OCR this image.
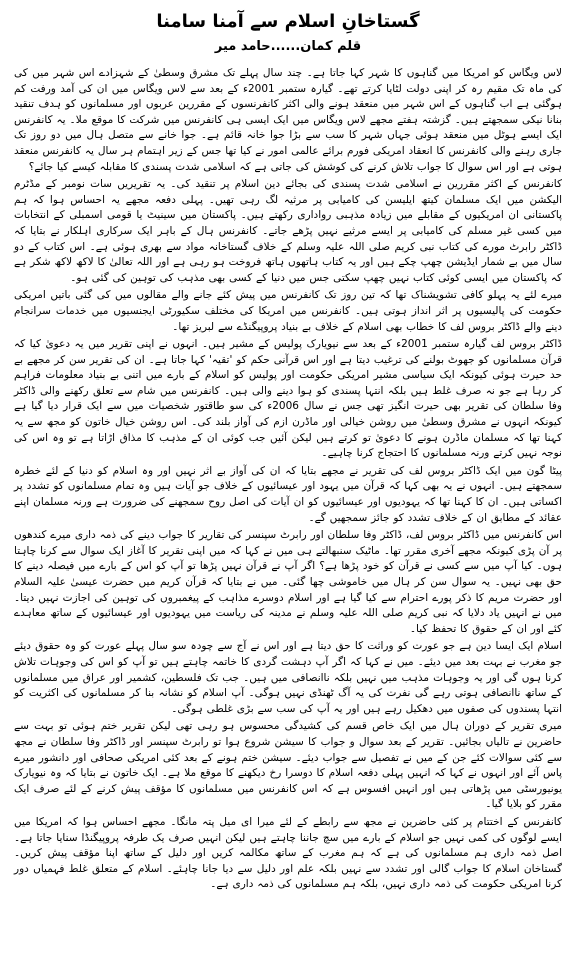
گستاخانِ اسلام سے آمنا سامنا
قلم کمان......حامد میر

لاس ویگاس کو امریکا میں گناہوں کا شہر کہا جاتا ہے۔ چند سال پہلے تک مشرق وسطیٰ کے شہزادے اس شہر میں کی کی ماہ تک مقیم رہ کر اپنی دولت لٹایا کرتے تھے۔ گیارہ ستمبر 2001ء کے بعد سے لاس ویگاس میں ان کی آمد ورفت کم ہوگئی ہے اب گناہوں کے اس شہر میں منعقد ہونے والی اکثر کانفرنسوں کے مقررین عربوں اور مسلمانوں کو ہدف تنقید بنانا نیکی سمجھتے ہیں۔ گزشتہ ہفتے مجھے لاس ویگاس میں ایک ایسی ہی کانفرنس میں شرکت کا موقع ملا۔ یہ کانفرنس ایک ایسے ہوٹل میں منعقد ہوئی جہاں شہر کا سب سے بڑا جوا خانہ قائم ہے۔ جوا خانے سے متصل ہال میں دو روز تک جاری رہنے والی کانفرنس کا انعقاد امریکی فورم برائے عالمی امور نے کیا تھا جس کے زیر اہتمام ہر سال یہ کانفرنس منعقد ہوتی ہے اور اس سوال کا جواب تلاش کرنے کی کوشش کی جاتی ہے کہ اسلامی شدت پسندی کا مقابلہ کیسے کیا جائے؟

کانفرنس کے اکثر مقررین نے اسلامی شدت پسندی کی بجائے دین اسلام پر تنقید کی۔ یہ تقریریں سات نومبر کے مڈٹرم الیکشن میں ایک مسلمان کیتھ ایلیسن کی کامیابی پر مرثیہ لگ رہی تھیں۔ پہلی دفعہ مجھے یہ احساس ہوا کہ ہم پاکستانی ان امریکیوں کے مقابلے میں زیادہ مذہبی رواداری رکھتے ہیں۔ پاکستان میں سینیٹ یا قومی اسمبلی کے انتخابات میں کسی غیر مسلم کی کامیابی پر ایسے مرثیے نہیں پڑھے جاتے۔ کانفرنس ہال کے باہر ایک سرکاری اہلکار نے بتایا کہ ڈاکٹر رابرٹ مورے کی کتاب نبی کریم صلی اللہ علیہ وسلم کے خلاف گستاخانہ مواد سے بھری ہوئی ہے۔ اس کتاب کے دو سال میں بے شمار ایڈیشن چھپ چکے ہیں اور یہ کتاب ہاتھوں ہاتھ فروخت ہو رہی ہے اور اللہ تعالیٰ کا لاکھ لاکھ شکر ہے کہ پاکستان میں ایسی کوئی کتاب نہیں چھپ سکتی جس میں دنیا کے کسی بھی مذہب کی توہین کی گئی ہو۔

میرے لئے یہ پہلو کافی تشویشناک تھا کہ تین روز تک کانفرنس میں پیش کئے جانے والے مقالوں میں کی گئی باتیں امریکی حکومت کی پالیسیوں پر اثر انداز ہوتی ہیں۔ کانفرنس میں امریکا کی مختلف سکیورٹی ایجنسیوں میں خدمات سرانجام دینے والے ڈاکٹر بروس لف کا خطاب بھی اسلام کے خلاف بے بنیاد پروپیگنڈے سے لبریز تھا۔

ڈاکٹر بروس لف گیارہ ستمبر 2001ء کے بعد سے نیویارک پولیس کے مشیر ہیں۔ انہوں نے اپنی تقریر میں یہ دعویٰ کیا کہ قرآن مسلمانوں کو جھوٹ بولنے کی ترغیب دیتا ہے اور اس قرآنی حکم کو 'تقیہ' کہا جاتا ہے۔ ان کی تقریر سن کر مجھے بے حد حیرت ہوئی کیونکہ ایک سیاسی مشیر امریکی حکومت اور پولیس کو اسلام کے بارے میں اتنی بے بنیاد معلومات فراہم کر رہا ہے جو نہ صرف غلط ہیں بلکہ انتہا پسندی کو ہوا دینے والی ہیں۔ کانفرنس میں شام سے تعلق رکھنے والی ڈاکٹر وفا سلطان کی تقریر بھی حیرت انگیز تھی جس نے سال 2006ء کی سو طاقتور شخصیات میں سے ایک قرار دیا گیا ہے کیونکہ انہوں نے مشرق وسطیٰ میں روشن خیالی اور ماڈرن ازم کی آواز بلند کی۔ اس روشن خیال خاتون کو مجھ سے یہ کہنا تھا کہ مسلمان ماڈرن ہونے کا دعویٰ تو کرتے ہیں لیکن آئیں جب کوئی ان کے مذہب کا مذاق اڑاتا ہے تو وہ اس کی نوجہ نہیں کرتے ورنہ مسلمانوں کا احتجاج کرنا چاہیے۔

پیٹا گون میں ایک ڈاکٹر بروس لف کی تقریر نے مجھے بتایا کہ ان کی آواز بے اثر نہیں اور وہ اسلام کو دنیا کے لئے خطرہ سمجھتے ہیں۔ انہوں نے یہ بھی کہا کہ قرآن میں یہود اور عیسائیوں کے خلاف جو آیات ہیں وہ تمام مسلمانوں کو تشدد پر اکساتی ہیں۔ ان کا کہنا تھا کہ یہودیوں اور عیسائیوں کو ان آیات کی اصل روح سمجھنے کی ضرورت ہے ورنہ مسلمان اپنے عقائد کے مطابق ان کے خلاف تشدد کو جائز سمجھیں گے۔

اس کانفرنس میں ڈاکٹر بروس لف، ڈاکٹر وفا سلطان اور رابرٹ سپنسر کی تقاریر کا جواب دینے کی ذمہ داری میرے کندھوں پر آن پڑی کیونکہ مجھے آخری مقرر تھا۔ ماٹیک سنبھالتے ہی میں نے کہا کہ میں اپنی تقریر کا آغاز ایک سوال سے کرنا چاہتا ہوں۔ کیا آپ میں سے کسی نے قرآن کو خود پڑھا ہے؟ اگر آپ نے قرآن نہیں پڑھا تو آپ کو اس کے بارے میں فیصلہ دینے کا حق بھی نہیں۔ یہ سوال سن کر ہال میں خاموشی چھا گئی۔ میں نے بتایا کہ قرآن کریم میں حضرت عیسیٰ علیہ السلام اور حضرت مریم کا ذکر پورے احترام سے کیا گیا ہے اور اسلام دوسرے مذاہب کے پیغمبروں کی توہین کی اجازت نہیں دیتا۔ میں نے انہیں یاد دلایا کہ نبی کریم صلی اللہ علیہ وسلم نے مدینہ کی ریاست میں یہودیوں اور عیسائیوں کے ساتھ معاہدے کئے اور ان کے حقوق کا تحفظ کیا۔

اسلام ایک ایسا دین ہے جو عورت کو وراثت کا حق دیتا ہے اور اس نے آج سے چودہ سو سال پہلے عورت کو وہ حقوق دیئے جو مغرب نے بہت بعد میں دیئے۔ میں نے کہا کہ اگر آپ دہشت گردی کا خاتمہ چاہتے ہیں تو آپ کو اس کی وجوہات تلاش کرنا ہوں گی اور یہ وجوہات مذہب میں نہیں بلکہ ناانصافی میں ہیں۔ جب تک فلسطین، کشمیر اور عراق میں مسلمانوں کے ساتھ ناانصافی ہوتی رہے گی نفرت کی یہ آگ ٹھنڈی نہیں ہوگی۔ آپ اسلام کو نشانہ بنا کر مسلمانوں کی اکثریت کو انتہا پسندوں کی صفوں میں دھکیل رہے ہیں اور یہ آپ کی سب سے بڑی غلطی ہوگی۔

میری تقریر کے دوران ہال میں ایک خاص قسم کی کشیدگی محسوس ہو رہی تھی لیکن تقریر ختم ہوئی تو بہت سے حاضرین نے تالیاں بجائیں۔ تقریر کے بعد سوال و جواب کا سیشن شروع ہوا تو رابرٹ سپنسر اور ڈاکٹر وفا سلطان نے مجھ سے کئی سوالات کئے جن کے میں نے تفصیل سے جواب دیئے۔ سیشن ختم ہونے کے بعد کئی امریکی صحافی اور دانشور میرے پاس آئے اور انہوں نے کہا کہ انہیں پہلی دفعہ اسلام کا دوسرا رخ دیکھنے کا موقع ملا ہے۔ ایک خاتون نے بتایا کہ وہ نیویارک یونیورسٹی میں پڑھاتی ہیں اور انہیں افسوس ہے کہ اس کانفرنس میں مسلمانوں کا مؤقف پیش کرنے کے لئے صرف ایک مقرر کو بلایا گیا۔

کانفرنس کے اختتام پر کئی حاضرین نے مجھ سے رابطے کے لئے میرا ای میل پتہ مانگا۔ مجھے احساس ہوا کہ امریکا میں ایسے لوگوں کی کمی نہیں جو اسلام کے بارے میں سچ جاننا چاہتے ہیں لیکن انہیں صرف یک طرفہ پروپیگنڈا سنایا جاتا ہے۔ اصل ذمہ داری ہم مسلمانوں کی ہے کہ ہم مغرب کے ساتھ مکالمہ کریں اور دلیل کے ساتھ اپنا مؤقف پیش کریں۔ گستاخان اسلام کا جواب گالی اور تشدد سے نہیں بلکہ علم اور دلیل سے دیا جانا چاہئے۔ اسلام کے متعلق غلط فہمیاں دور کرنا امریکی حکومت کی ذمہ داری نہیں، بلکہ ہم مسلمانوں کی ذمہ داری ہے۔
